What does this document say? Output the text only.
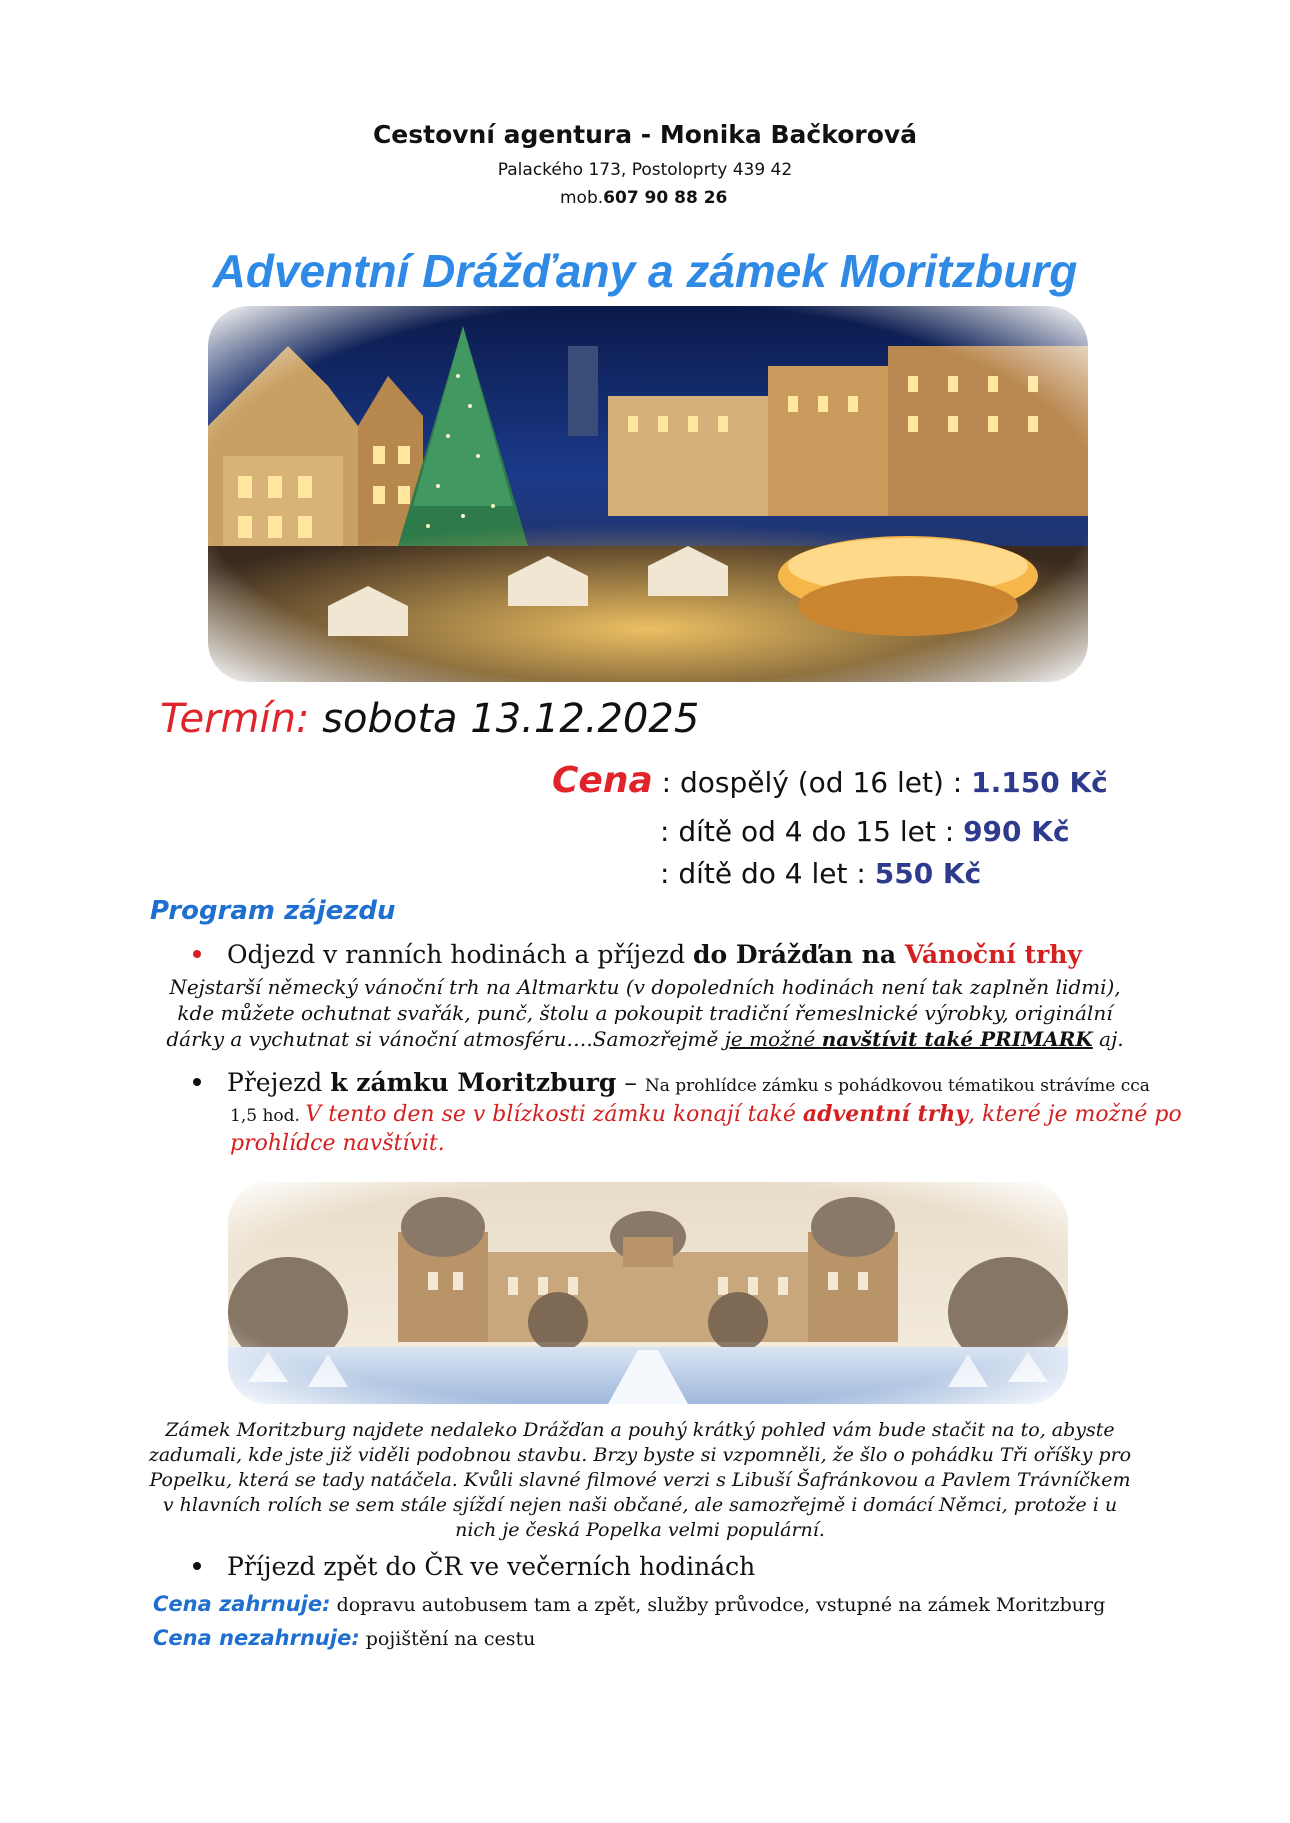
Cestovní agentura - Monika Bačkorová
Palackého 173, Postoloprty 439 42
mob.607 90 88 26
Adventní Drážďany a zámek Moritzburg
Termín: sobota 13.12.2025
Cena : dospělý (od 16 let) : 1.150 Kč
: dítě od 4 do 15 let : 990 Kč
: dítě do 4 let : 550 Kč
Program zájezdu
Odjezd v ranních hodinách a příjezd do Drážďan na Vánoční trhy
Nejstarší německý vánoční trh na Altmarktu (v dopoledních hodinách není tak zaplněn lidmi),
kde můžete ochutnat svařák, punč, štolu a pokoupit tradiční řemeslnické výrobky, originální
dárky a vychutnat si vánoční atmosféru….Samozřejmě je možné navštívit také PRIMARK aj.
Přejezd k zámku Moritzburg – Na prohlídce zámku s pohádkovou tématikou strávíme cca
1,5 hod. V tento den se v blízkosti zámku konají také adventní trhy, které je možné po
prohlídce navštívit.
Zámek Moritzburg najdete nedaleko Drážďan a pouhý krátký pohled vám bude stačit na to, abyste
zadumali, kde jste již viděli podobnou stavbu. Brzy byste si vzpomněli, že šlo o pohádku Tři oříšky pro
Popelku, která se tady natáčela. Kvůli slavné filmové verzi s Libuší Šafránkovou a Pavlem Trávníčkem
v hlavních rolích se sem stále sjíždí nejen naši občané, ale samozřejmě i domácí Němci, protože i u
nich je česká Popelka velmi populární.
Příjezd zpět do ČR ve večerních hodinách
Cena zahrnuje: dopravu autobusem tam a zpět, služby průvodce, vstupné na zámek Moritzburg
Cena nezahrnuje: pojištění na cestu
